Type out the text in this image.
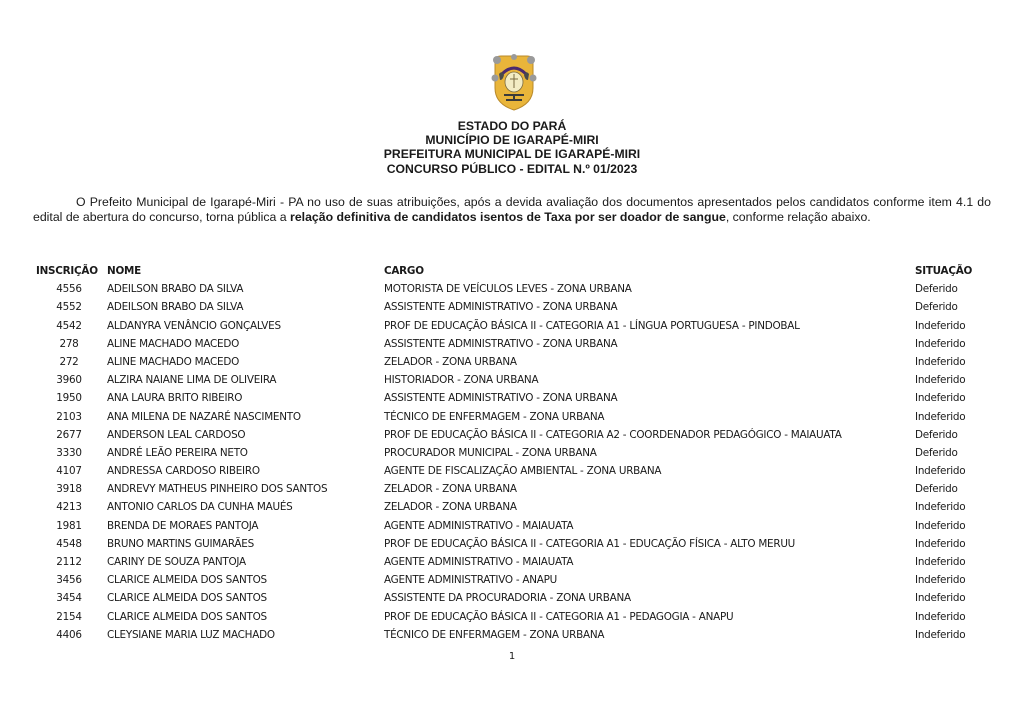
ESTADO DO PARÁ
MUNICÍPIO DE IGARAPÉ-MIRI
PREFEITURA MUNICIPAL DE IGARAPÉ-MIRI
CONCURSO PÚBLICO - EDITAL N.º 01/2023
O Prefeito Municipal de Igarapé-Miri - PA no uso de suas atribuições, após a devida avaliação dos documentos apresentados pelos candidatos conforme item 4.1 do edital de abertura do concurso, torna pública a relação definitiva de candidatos isentos de Taxa por ser doador de sangue, conforme relação abaixo.
INSCRIÇÃO NOME	CARGO	SITUAÇÃO
4556	ADEILSON BRABO DA SILVA	MOTORISTA DE VEÍCULOS LEVES - ZONA URBANA	Deferido
4552	ADEILSON BRABO DA SILVA	ASSISTENTE ADMINISTRATIVO - ZONA URBANA	Deferido
4542	ALDANYRA VENÂNCIO GONÇALVES	PROF DE EDUCAÇÃO BÁSICA II - CATEGORIA A1 - LÍNGUA PORTUGUESA - PINDOBAL	Indeferido
278	ALINE MACHADO MACEDO	ASSISTENTE ADMINISTRATIVO - ZONA URBANA	Indeferido
272	ALINE MACHADO MACEDO	ZELADOR - ZONA URBANA	Indeferido
3960	ALZIRA NAIANE LIMA DE OLIVEIRA	HISTORIADOR - ZONA URBANA	Indeferido
1950	ANA LAURA BRITO RIBEIRO	ASSISTENTE ADMINISTRATIVO - ZONA URBANA	Indeferido
2103	ANA MILENA DE NAZARÉ NASCIMENTO	TÉCNICO DE ENFERMAGEM - ZONA URBANA	Indeferido
2677	ANDERSON LEAL CARDOSO	PROF DE EDUCAÇÃO BÁSICA II - CATEGORIA A2 - COORDENADOR PEDAGÓGICO - MAIAUATA	Deferido
3330	ANDRÉ LEÃO PEREIRA NETO	PROCURADOR MUNICIPAL - ZONA URBANA	Deferido
4107	ANDRESSA CARDOSO RIBEIRO	AGENTE DE FISCALIZAÇÃO AMBIENTAL - ZONA URBANA	Indeferido
3918	ANDREVY MATHEUS PINHEIRO DOS SANTOS	ZELADOR - ZONA URBANA	Deferido
4213	ANTONIO CARLOS DA CUNHA MAUÉS	ZELADOR - ZONA URBANA	Indeferido
1981	BRENDA DE MORAES PANTOJA	AGENTE ADMINISTRATIVO - MAIAUATA	Indeferido
4548	BRUNO MARTINS GUIMARÃES	PROF DE EDUCAÇÃO BÁSICA II - CATEGORIA A1 - EDUCAÇÃO FÍSICA - ALTO MERUU	Indeferido
2112	CARINY DE SOUZA PANTOJA	AGENTE ADMINISTRATIVO - MAIAUATA	Indeferido
3456	CLARICE ALMEIDA DOS SANTOS	AGENTE ADMINISTRATIVO - ANAPU	Indeferido
3454	CLARICE ALMEIDA DOS SANTOS	ASSISTENTE DA PROCURADORIA - ZONA URBANA	Indeferido
2154	CLARICE ALMEIDA DOS SANTOS	PROF DE EDUCAÇÃO BÁSICA II - CATEGORIA A1 - PEDAGOGIA - ANAPU	Indeferido
4406	CLEYSIANE MARIA LUZ MACHADO	TÉCNICO DE ENFERMAGEM - ZONA URBANA	Indeferido
1
